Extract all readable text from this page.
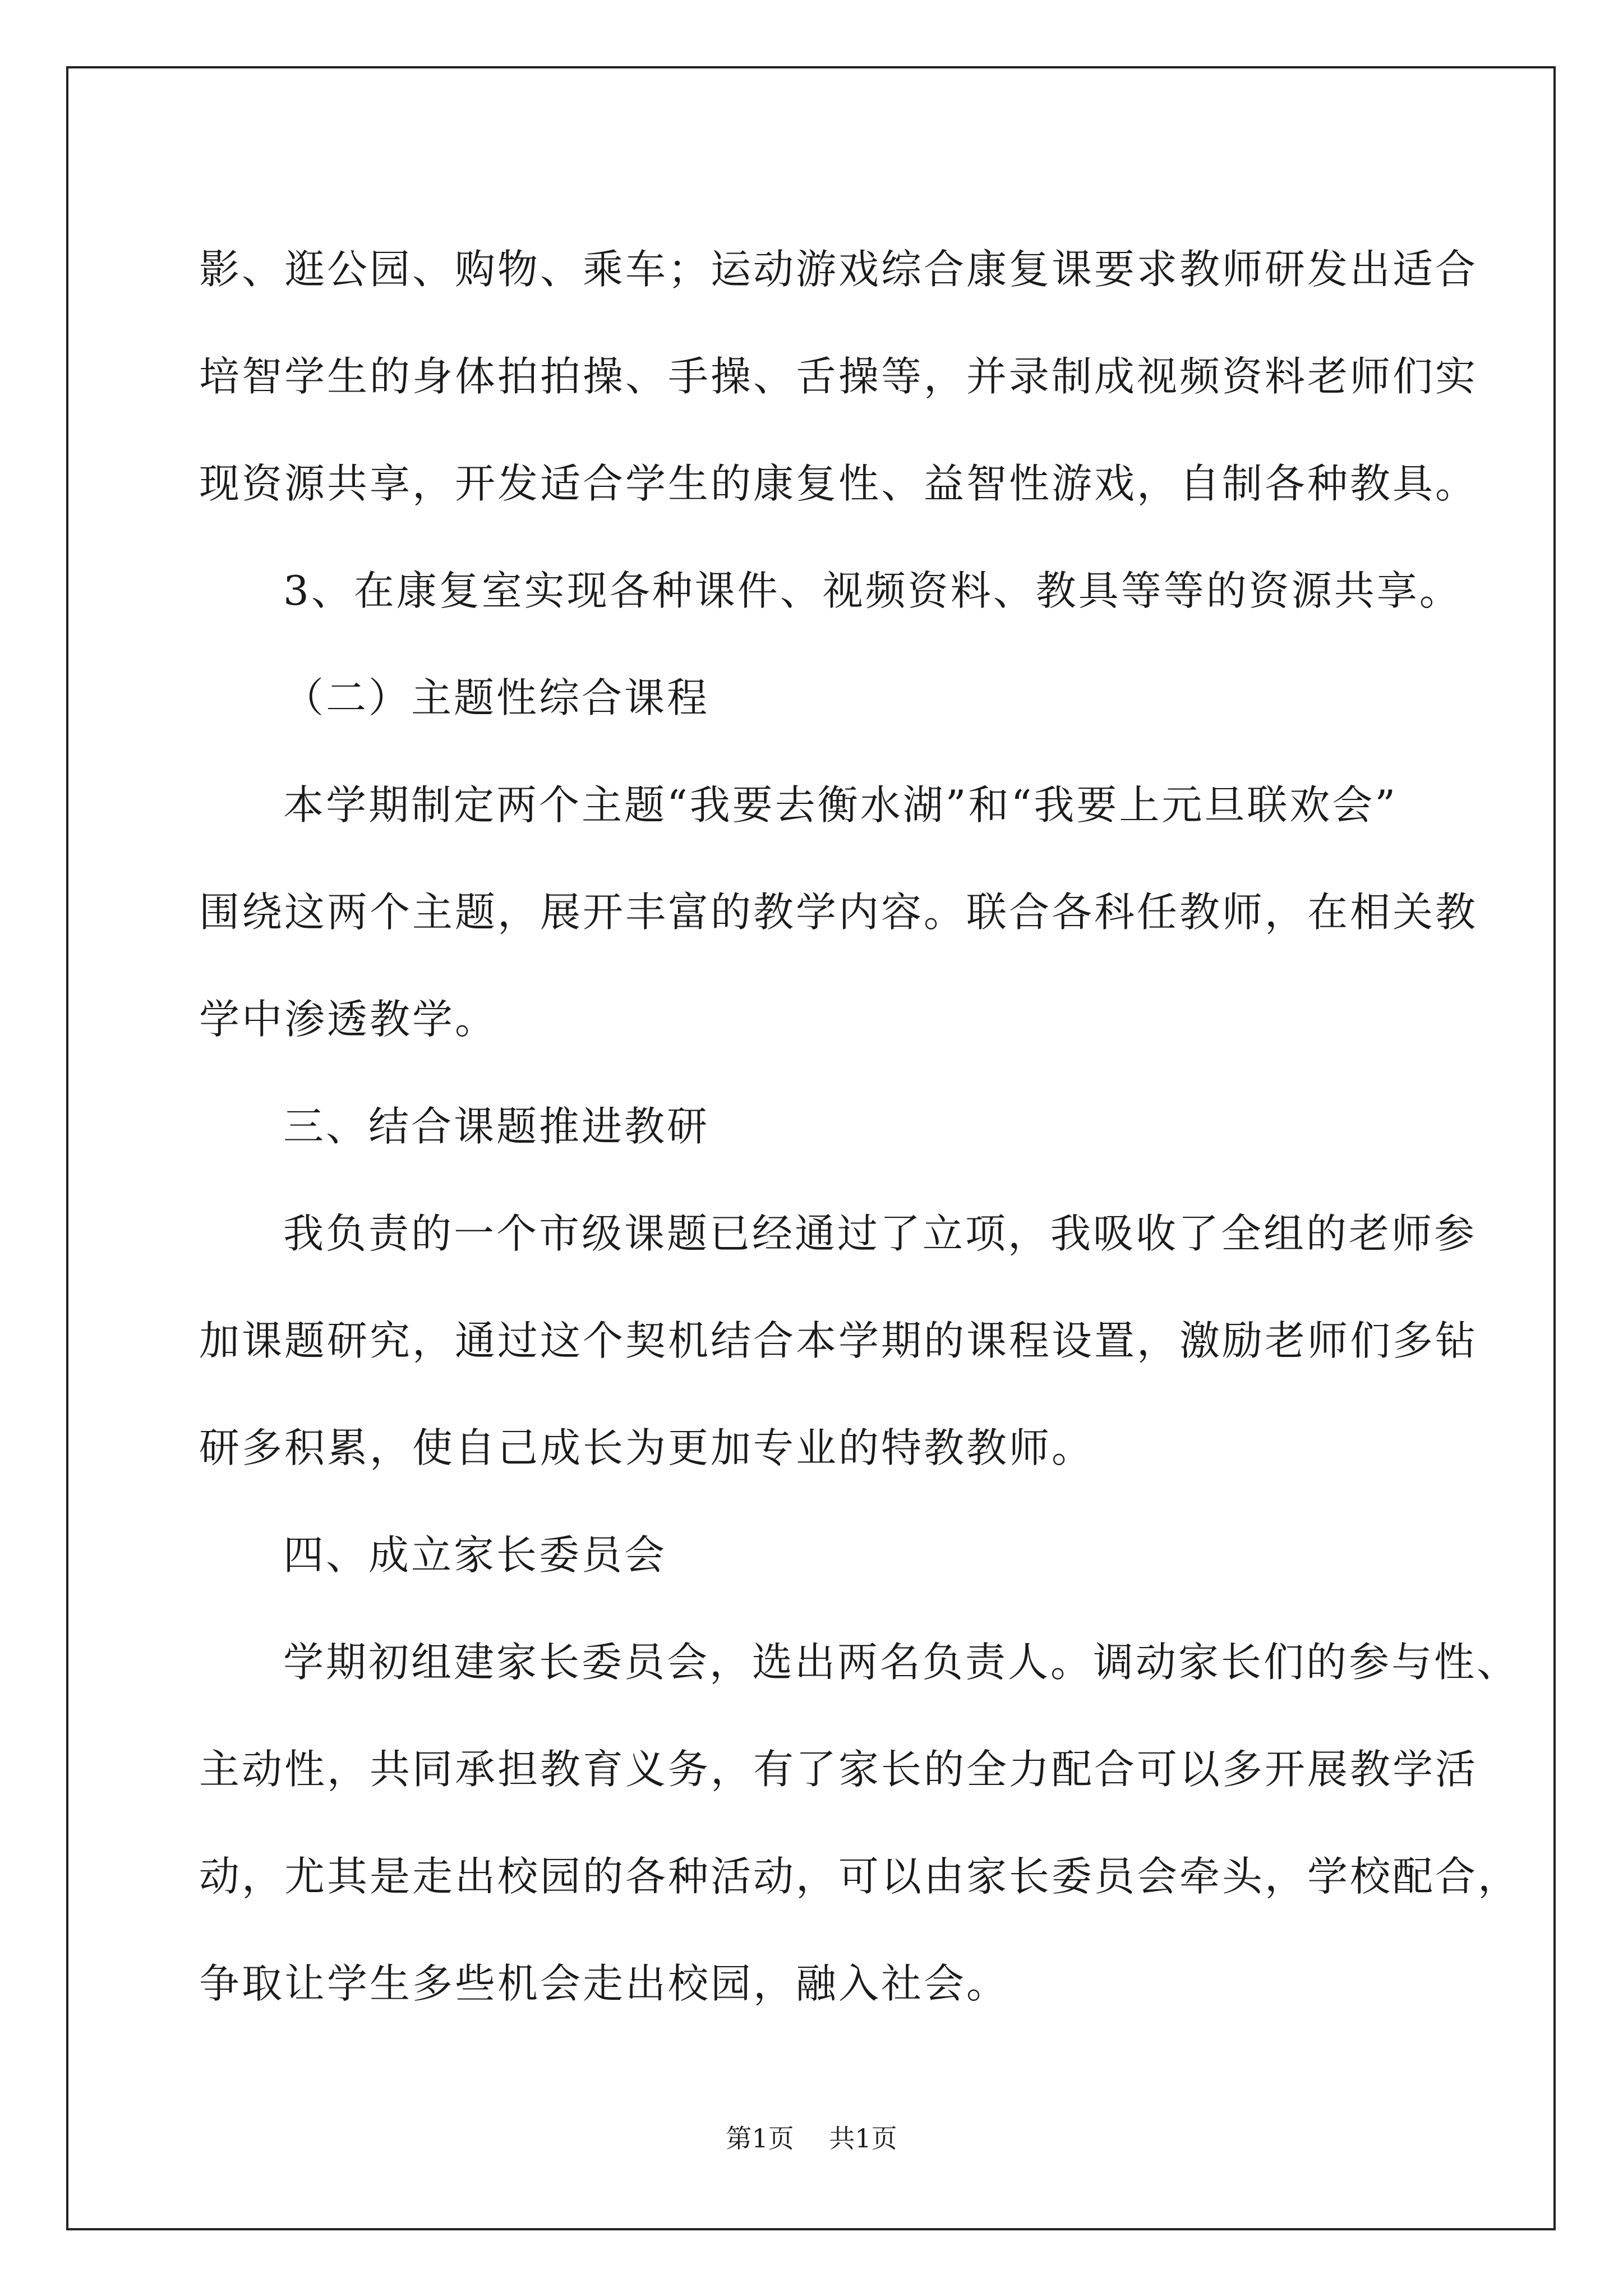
影、逛公园、购物、乘车；运动游戏综合康复课要求教师研发出适合

培智学生的身体拍拍操、手操、舌操等，并录制成视频资料老师们实

现资源共享，开发适合学生的康复性、益智性游戏，自制各种教具。

3、在康复室实现各种课件、视频资料、教具等等的资源共享。

（二）主题性综合课程

本学期制定两个主题“我要去衡水湖”和“我要上元旦联欢会”

围绕这两个主题，展开丰富的教学内容。联合各科任教师，在相关教

学中渗透教学。

三、结合课题推进教研

我负责的一个市级课题已经通过了立项，我吸收了全组的老师参

加课题研究，通过这个契机结合本学期的课程设置，激励老师们多钻

研多积累，使自己成长为更加专业的特教教师。

四、成立家长委员会

学期初组建家长委员会，选出两名负责人。调动家长们的参与性、

主动性，共同承担教育义务，有了家长的全力配合可以多开展教学活

动，尤其是走出校园的各种活动，可以由家长委员会牵头，学校配合，

争取让学生多些机会走出校园，融入社会。

第1页 共1页
